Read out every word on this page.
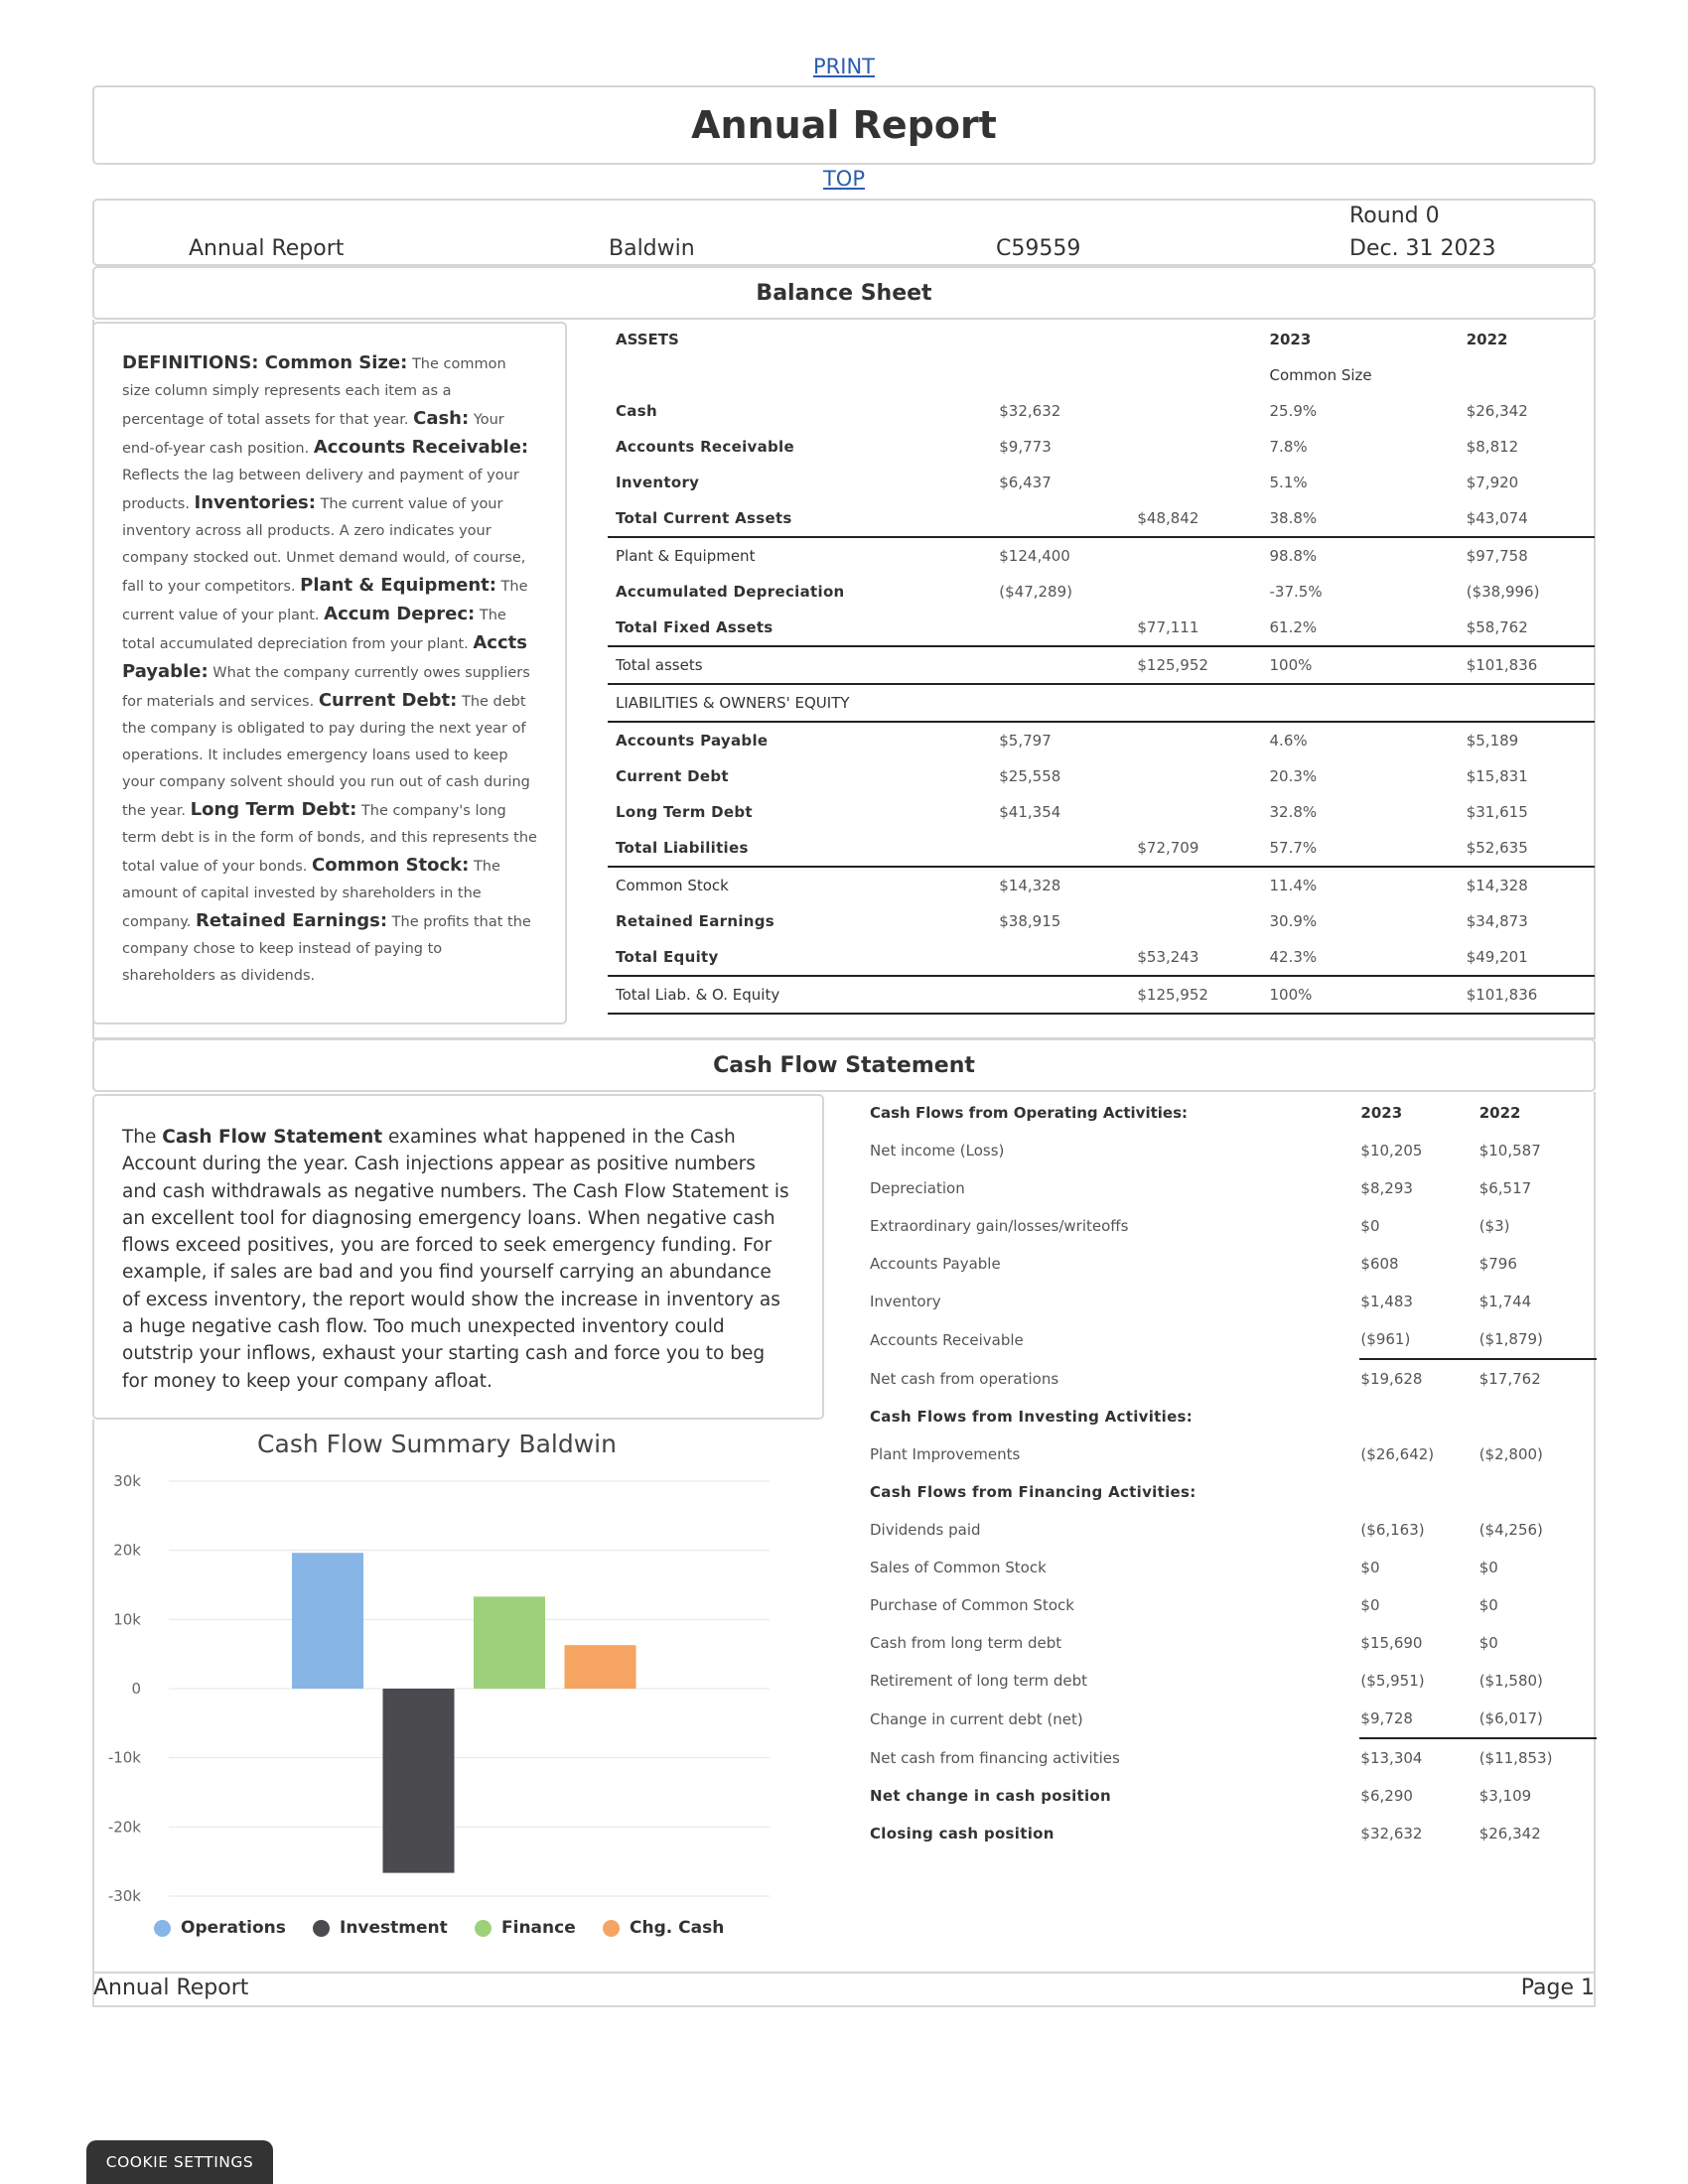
PRINT
Annual Report
TOP
Annual Report	Baldwin	C59559
Round 0
Dec. 31 2023
Balance Sheet
DEFINITIONS: Common Size: The common size column simply represents each item as a percentage of total assets for that year. Cash: Your end-of-year cash position. Accounts Receivable: Reflects the lag between delivery and payment of your products. Inventories: The current value of your inventory across all products. A zero indicates your company stocked out. Unmet demand would, of course, fall to your competitors. Plant & Equipment: The current value of your plant. Accum Deprec: The total accumulated depreciation from your plant. Accts Payable: What the company currently owes suppliers for materials and services. Current Debt: The debt the company is obligated to pay during the next year of operations. It includes emergency loans used to keep your company solvent should you run out of cash during the year. Long Term Debt: The company's long term debt is in the form of bonds, and this represents the total value of your bonds. Common Stock: The amount of capital invested by shareholders in the company. Retained Earnings: The profits that the company chose to keep instead of paying to shareholders as dividends.
ASSETS			2023	2022
			Common Size	
Cash	$32,632		25.9%	$26,342
Accounts Receivable	$9,773		7.8%	$8,812
Inventory	$6,437		5.1%	$7,920
Total Current Assets		$48,842	38.8%	$43,074
Plant & Equipment	$124,400		98.8%	$97,758
Accumulated Depreciation	($47,289)		-37.5%	($38,996)
Total Fixed Assets		$77,111	61.2%	$58,762
Total assets		$125,952	100%	$101,836
LIABILITIES & OWNERS' EQUITY				
Accounts Payable	$5,797		4.6%	$5,189
Current Debt	$25,558		20.3%	$15,831
Long Term Debt	$41,354		32.8%	$31,615
Total Liabilities		$72,709	57.7%	$52,635
Common Stock	$14,328		11.4%	$14,328
Retained Earnings	$38,915		30.9%	$34,873
Total Equity		$53,243	42.3%	$49,201
Total Liab. & O. Equity		$125,952	100%	$101,836
Cash Flow Statement
The Cash Flow Statement examines what happened in the Cash Account during the year. Cash injections appear as positive numbers and cash withdrawals as negative numbers. The Cash Flow Statement is an excellent tool for diagnosing emergency loans. When negative cash flows exceed positives, you are forced to seek emergency funding. For example, if sales are bad and you find yourself carrying an abundance of excess inventory, the report would show the increase in inventory as a huge negative cash flow. Too much unexpected inventory could outstrip your inflows, exhaust your starting cash and force you to beg for money to keep your company afloat.
Cash Flow Summary Baldwin
30k
20k
10k
0
-10k
-20k
-30k
Operations	Investment	Finance	Chg. Cash
Cash Flows from Operating Activities:	2023	2022
Net income (Loss)	$10,205	$10,587
Depreciation	$8,293	$6,517
Extraordinary gain/losses/writeoffs	$0	($3)
Accounts Payable	$608	$796
Inventory	$1,483	$1,744
Accounts Receivable	($961)	($1,879)
Net cash from operations	$19,628	$17,762
Cash Flows from Investing Activities:		
Plant Improvements	($26,642)	($2,800)
Cash Flows from Financing Activities:		
Dividends paid	($6,163)	($4,256)
Sales of Common Stock	$0	$0
Purchase of Common Stock	$0	$0
Cash from long term debt	$15,690	$0
Retirement of long term debt	($5,951)	($1,580)
Change in current debt (net)	$9,728	($6,017)
Net cash from financing activities	$13,304	($11,853)
Net change in cash position	$6,290	$3,109
Closing cash position	$32,632	$26,342
Annual Report	Page 1
COOKIE SETTINGS
